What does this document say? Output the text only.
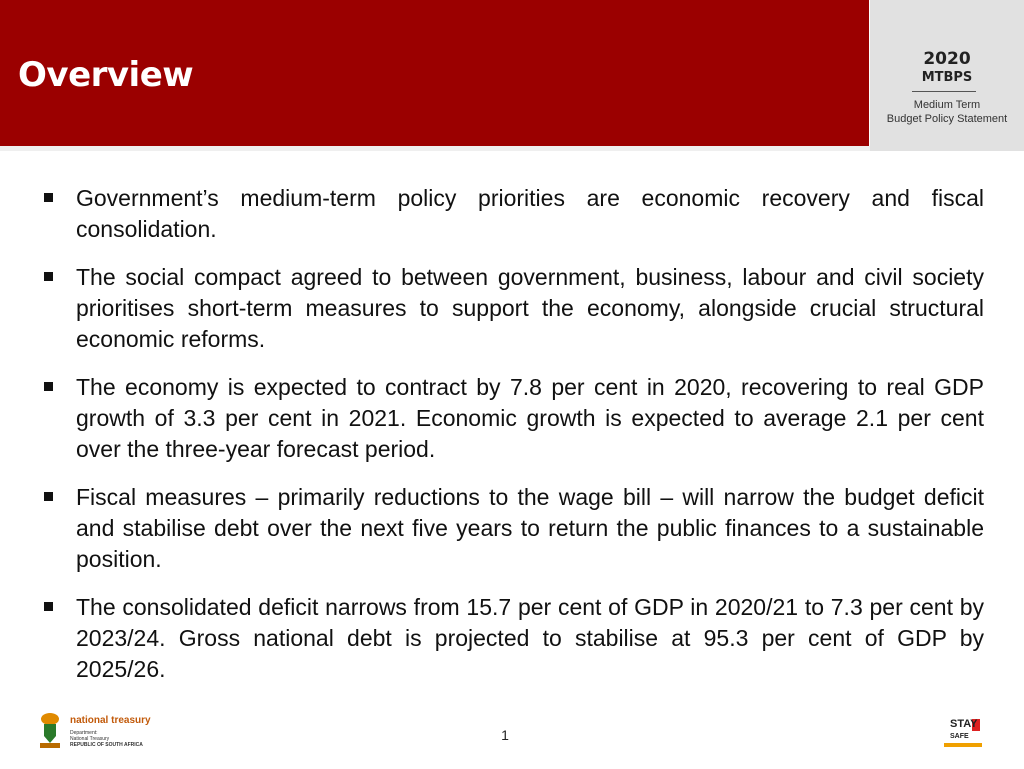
Overview	2020
MTBPS
Medium Term
Budget Policy Statement
Government’s medium-term policy priorities are economic recovery and fiscal consolidation.
The social compact agreed to between government, business, labour and civil society prioritises short-term measures to support the economy, alongside crucial structural economic reforms.
The economy is expected to contract by 7.8 per cent in 2020, recovering to real GDP growth of 3.3 per cent in 2021. Economic growth is expected to average 2.1 per cent over the three-year forecast period.
Fiscal measures – primarily reductions to the wage bill – will narrow the budget deficit and stabilise debt over the next five years to return the public finances to a sustainable position.
The consolidated deficit narrows from 15.7 per cent of GDP in 2020/21 to 7.3 per cent by 2023/24. Gross national debt is projected to stabilise at 95.3 per cent of GDP by 2025/26.
national treasury
Department:
National Treasury
REPUBLIC OF SOUTH AFRICA
1
STAY
SAFE
